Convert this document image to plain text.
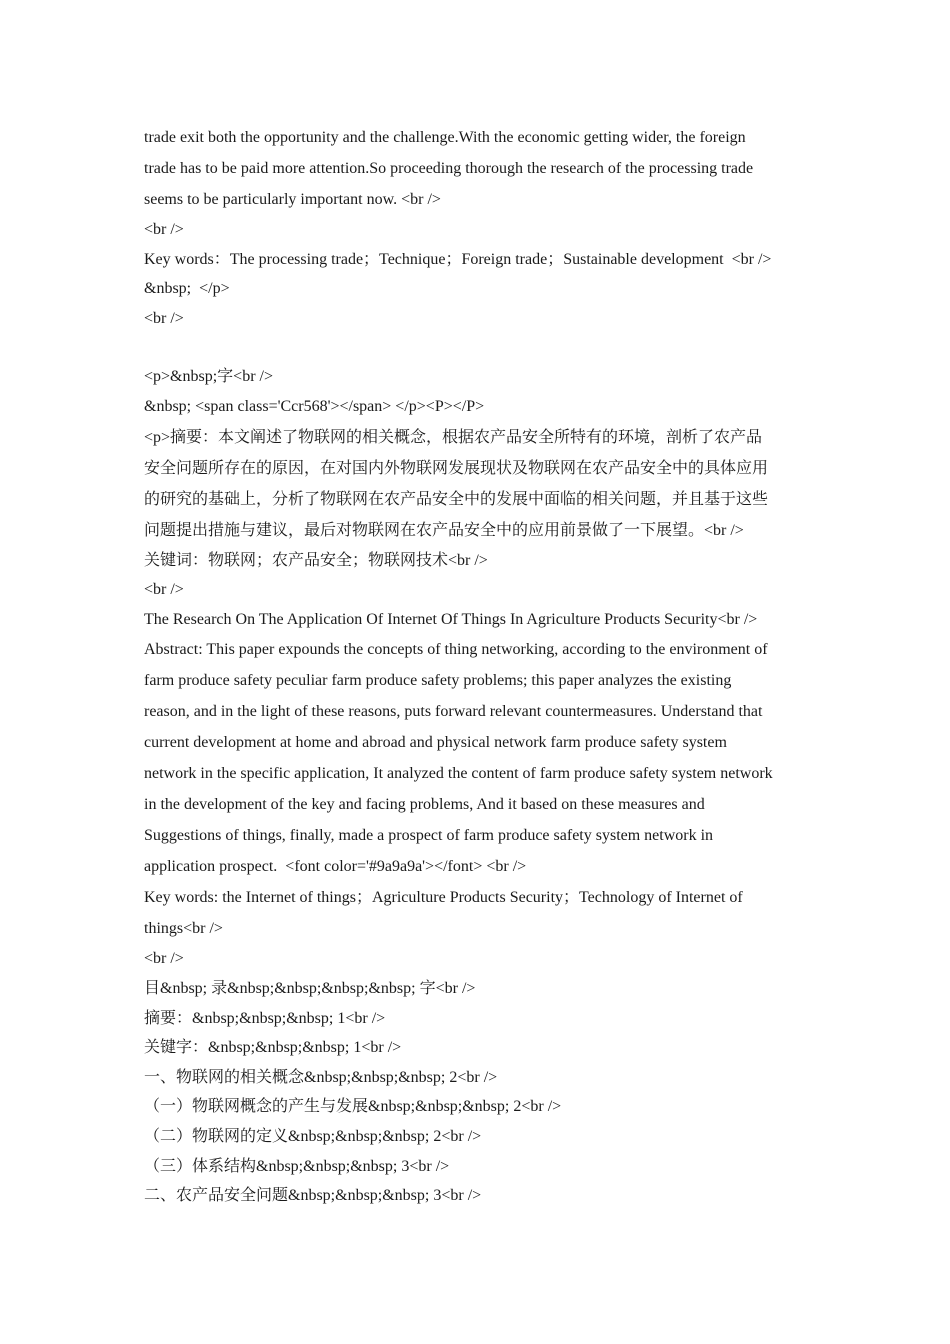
trade exit both the opportunity and the challenge.With the economic getting wider, the foreign
trade has to be paid more attention.So proceeding thorough the research of the processing trade
seems to be particularly important now. <br />
<br />
Key words：The processing trade；Technique；Foreign trade；Sustainable development  <br />
&nbsp;  </p>
<br />
<p>&nbsp;字<br />
&nbsp; <span class='Ccr568'></span> </p><P></P>
<p>摘要：本文阐述了物联网的相关概念，根据农产品安全所特有的环境，剖析了农产品
安全问题所存在的原因，在对国内外物联网发展现状及物联网在农产品安全中的具体应用
的研究的基础上，分析了物联网在农产品安全中的发展中面临的相关问题，并且基于这些
问题提出措施与建议，最后对物联网在农产品安全中的应用前景做了一下展望。<br />
关键词：物联网；农产品安全；物联网技术<br />
<br />
The Research On The Application Of Internet Of Things In Agriculture Products Security<br />
Abstract: This paper expounds the concepts of thing networking, according to the environment of
farm produce safety peculiar farm produce safety problems; this paper analyzes the existing
reason, and in the light of these reasons, puts forward relevant countermeasures. Understand that
current development at home and abroad and physical network farm produce safety system
network in the specific application, It analyzed the content of farm produce safety system network
in the development of the key and facing problems, And it based on these measures and
Suggestions of things, finally, made a prospect of farm produce safety system network in
application prospect.  <font color='#9a9a9a'></font> <br />
Key words: the Internet of things；Agriculture Products Security；Technology of Internet of
things<br />
<br />
目&nbsp; 录&nbsp;&nbsp;&nbsp;&nbsp; 字<br />
摘要：&nbsp;&nbsp;&nbsp; 1<br />
关键字：&nbsp;&nbsp;&nbsp; 1<br />
一、物联网的相关概念&nbsp;&nbsp;&nbsp; 2<br />
（一）物联网概念的产生与发展&nbsp;&nbsp;&nbsp; 2<br />
（二）物联网的定义&nbsp;&nbsp;&nbsp; 2<br />
（三）体系结构&nbsp;&nbsp;&nbsp; 3<br />
二、农产品安全问题&nbsp;&nbsp;&nbsp; 3<br />
